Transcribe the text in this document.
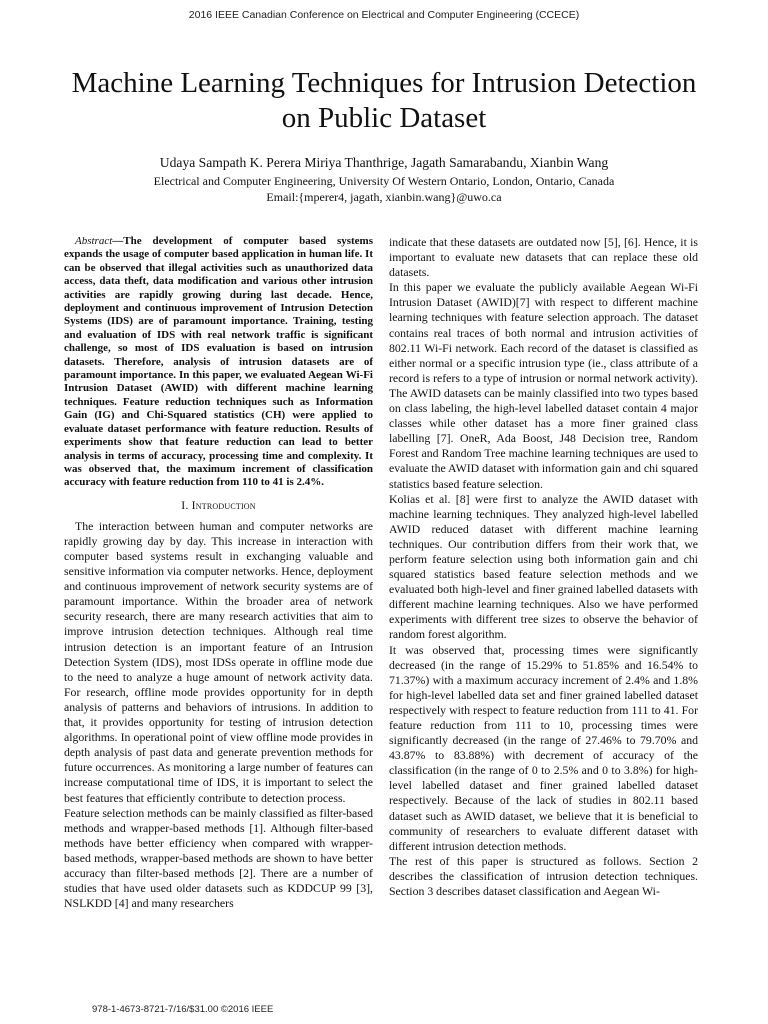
2016 IEEE Canadian Conference on Electrical and Computer Engineering (CCECE)
Machine Learning Techniques for Intrusion Detection on Public Dataset
Udaya Sampath K. Perera Miriya Thanthrige, Jagath Samarabandu, Xianbin Wang
Electrical and Computer Engineering, University Of Western Ontario, London, Ontario, Canada
Email:{mperer4, jagath, xianbin.wang}@uwo.ca

Abstract—The development of computer based systems expands the usage of computer based application in human life. It can be observed that illegal activities such as unauthorized data access, data theft, data modification and various other intrusion activities are rapidly growing during last decade. Hence, deployment and continuous improvement of Intrusion Detection Systems (IDS) are of paramount importance. Training, testing and evaluation of IDS with real network traffic is significant challenge, so most of IDS evaluation is based on intrusion datasets. Therefore, analysis of intrusion datasets are of paramount importance. In this paper, we evaluated Aegean Wi-Fi Intrusion Dataset (AWID) with different machine learning techniques. Feature reduction techniques such as Information Gain (IG) and Chi-Squared statistics (CH) were applied to evaluate dataset performance with feature reduction. Results of experiments show that feature reduction can lead to better analysis in terms of accuracy, processing time and complexity. It was observed that, the maximum increment of classification accuracy with feature reduction from 110 to 41 is 2.4%.

I. Introduction

The interaction between human and computer networks are rapidly growing day by day. This increase in interaction with computer based systems result in exchanging valuable and sensitive information via computer networks. Hence, deployment and continuous improvement of network security systems are of paramount importance. Within the broader area of network security research, there are many research activities that aim to improve intrusion detection techniques. Although real time intrusion detection is an important feature of an Intrusion Detection System (IDS), most IDSs operate in offline mode due to the need to analyze a huge amount of network activity data. For research, offline mode provides opportunity for in depth analysis of patterns and behaviors of intrusions. In addition to that, it provides opportunity for testing of intrusion detection algorithms. In operational point of view offline mode provides in depth analysis of past data and generate prevention methods for future occurrences. As monitoring a large number of features can increase computational time of IDS, it is important to select the best features that efficiently contribute to detection process.

Feature selection methods can be mainly classified as filter-based methods and wrapper-based methods [1]. Although filter-based methods have better efficiency when compared with wrapper-based methods, wrapper-based methods are shown to have better accuracy than filter-based methods [2]. There are a number of studies that have used older datasets such as KDDCUP 99 [3], NSLKDD [4] and many researchers

indicate that these datasets are outdated now [5], [6]. Hence, it is important to evaluate new datasets that can replace these old datasets.

In this paper we evaluate the publicly available Aegean Wi-Fi Intrusion Dataset (AWID)[7] with respect to different machine learning techniques with feature selection approach. The dataset contains real traces of both normal and intrusion activities of 802.11 Wi-Fi network. Each record of the dataset is classified as either normal or a specific intrusion type (ie., class attribute of a record is refers to a type of intrusion or normal network activity). The AWID datasets can be mainly classified into two types based on class labeling, the high-level labelled dataset contain 4 major classes while other dataset has a more finer grained class labelling [7]. OneR, Ada Boost, J48 Decision tree, Random Forest and Random Tree machine learning techniques are used to evaluate the AWID dataset with information gain and chi squared statistics based feature selection.

Kolias et al. [8] were first to analyze the AWID dataset with machine learning techniques. They analyzed high-level labelled AWID reduced dataset with different machine learning techniques. Our contribution differs from their work that, we perform feature selection using both information gain and chi squared statistics based feature selection methods and we evaluated both high-level and finer grained labelled datasets with different machine learning techniques. Also we have performed experiments with different tree sizes to observe the behavior of random forest algorithm.

It was observed that, processing times were significantly decreased (in the range of 15.29% to 51.85% and 16.54% to 71.37%) with a maximum accuracy increment of 2.4% and 1.8% for high-level labelled data set and finer grained labelled dataset respectively with respect to feature reduction from 111 to 41. For feature reduction from 111 to 10, processing times were significantly decreased (in the range of 27.46% to 79.70% and 43.87% to 83.88%) with decrement of accuracy of the classification (in the range of 0 to 2.5% and 0 to 3.8%) for high-level labelled dataset and finer grained labelled dataset respectively. Because of the lack of studies in 802.11 based dataset such as AWID dataset, we believe that it is beneficial to community of researchers to evaluate different dataset with different intrusion detection methods.

The rest of this paper is structured as follows. Section 2 describes the classification of intrusion detection techniques. Section 3 describes dataset classification and Aegean Wi-

978-1-4673-8721-7/16/$31.00 ©2016 IEEE
